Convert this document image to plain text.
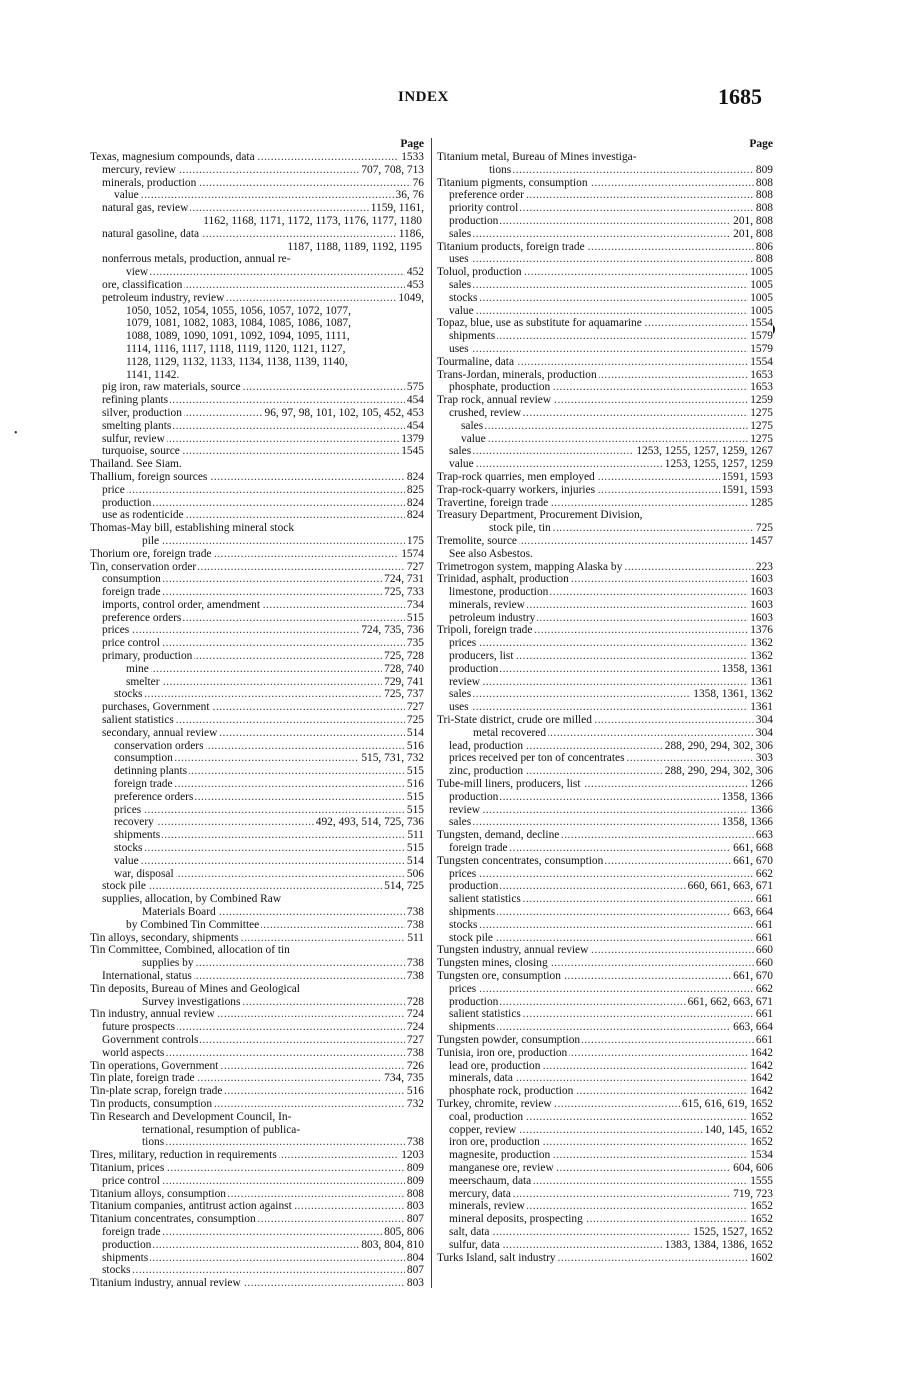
INDEX	1685
Page
..... Texas, magnesium compounds, data	1533
..... mercury, review	707, 708, 713
..... minerals, production	76
..... value	36, 76
..... natural gas, review	1159, 1161,
1162, 1168, 1171, 1172, 1173, 1176, 1177, 1180
..... natural gasoline, data	1186,
1187, 1188, 1189, 1192, 1195
nonferrous metals, production, annual re-
..... view	452
..... ore, classification	453
..... petroleum industry, review	1049,
1050, 1052, 1054, 1055, 1056, 1057, 1072, 1077,
1079, 1081, 1082, 1083, 1084, 1085, 1086, 1087,
1088, 1089, 1090, 1091, 1092, 1094, 1095, 1111,
1114, 1116, 1117, 1118, 1119, 1120, 1121, 1127,
1128, 1129, 1132, 1133, 1134, 1138, 1139, 1140,
1141, 1142.
..... pig iron, raw materials, source	575
..... refining plants	454
..... silver, production	96, 97, 98, 101, 102, 105, 452, 453
..... smelting plants	454
..... sulfur, review	1379
..... turquoise, source	1545
Thailand. See Siam.
..... Thallium, foreign sources	824
..... price	825
..... production	824
..... use as rodenticide	824
Thomas-May bill, establishing mineral stock
..... pile	175
..... Thorium ore, foreign trade	1574
..... Tin, conservation order	727
..... consumption	724, 731
..... foreign trade	725, 733
..... imports, control order, amendment	734
..... preference orders	515
..... prices	724, 735, 736
..... price control	735
..... primary, production	725, 728
..... mine	728, 740
..... smelter	729, 741
..... stocks	725, 737
..... purchases, Government	727
..... salient statistics	725
..... secondary, annual review	514
..... conservation orders	516
..... consumption	515, 731, 732
..... detinning plants	515
..... foreign trade	516
..... preference orders	515
..... prices	515
..... recovery	492, 493, 514, 725, 736
..... shipments	511
..... stocks	515
..... value	514
..... war, disposal	506
..... stock pile	514, 725
supplies, allocation, by Combined Raw
..... Materials Board	738
..... by Combined Tin Committee	738
..... Tin alloys, secondary, shipments	511
Tin Committee, Combined, allocation of tin
..... supplies by	738
..... International, status	738
Tin deposits, Bureau of Mines and Geological
..... Survey investigations	728
..... Tin industry, annual review	724
..... future prospects	724
..... Government controls	727
..... world aspects	738
..... Tin operations, Government	726
..... Tin plate, foreign trade	734, 735
..... Tin-plate scrap, foreign trade	516
..... Tin products, consumption	732
Tin Research and Development Council, In-
ternational, resumption of publica-
..... tions	738
..... Tires, military, reduction in requirements	1203
..... Titanium, prices	809
..... price control	809
..... Titanium alloys, consumption	808
..... Titanium companies, antitrust action against	803
..... Titanium concentrates, consumption	807
..... foreign trade	805, 806
..... production	803, 804, 810
..... shipments	804
..... stocks	807
..... Titanium industry, annual review	803
Page
Titanium metal, Bureau of Mines investiga-
..... tions	809
..... Titanium pigments, consumption	808
..... preference order	808
..... priority control	808
..... production	201, 808
..... sales	201, 808
..... Titanium products, foreign trade	806
..... uses	808
..... Toluol, production	1005
..... sales	1005
..... stocks	1005
..... value	1005
..... Topaz, blue, use as substitute for aquamarine	1554
..... shipments	1579
..... uses	1579
..... Tourmaline, data	1554
..... Trans-Jordan, minerals, production	1653
..... phosphate, production	1653
..... Trap rock, annual review	1259
..... crushed, review	1275
..... sales	1275
..... value	1275
..... sales	1253, 1255, 1257, 1259, 1267
..... value	1253, 1255, 1257, 1259
..... Trap-rock quarries, men employed	1591, 1593
..... Trap-rock-quarry workers, injuries	1591, 1593
..... Travertine, foreign trade	1285
Treasury Department, Procurement Division,
..... stock pile, tin	725
..... Tremolite, source	1457
See also Asbestos.
..... Trimetrogon system, mapping Alaska by	223
..... Trinidad, asphalt, production	1603
..... limestone, production	1603
..... minerals, review	1603
..... petroleum industry	1603
..... Tripoli, foreign trade	1376
..... prices	1362
..... producers, list	1362
..... production	1358, 1361
..... review	1361
..... sales	1358, 1361, 1362
..... uses	1361
..... Tri-State district, crude ore milled	304
..... metal recovered	304
..... lead, production	288, 290, 294, 302, 306
..... prices received per ton of concentrates	303
..... zinc, production	288, 290, 294, 302, 306
..... Tube-mill liners, producers, list	1266
..... production	1358, 1366
..... review	1366
..... sales	1358, 1366
..... Tungsten, demand, decline	663
..... foreign trade	661, 668
..... Tungsten concentrates, consumption	661, 670
..... prices	662
..... production	660, 661, 663, 671
..... salient statistics	661
..... shipments	663, 664
..... stocks	661
..... stock pile	661
..... Tungsten industry, annual review	660
..... Tungsten mines, closing	660
..... Tungsten ore, consumption	661, 670
..... prices	662
..... production	661, 662, 663, 671
..... salient statistics	661
..... shipments	663, 664
..... Tungsten powder, consumption	661
..... Tunisia, iron ore, production	1642
..... lead ore, production	1642
..... minerals, data	1642
..... phosphate rock, production	1642
..... Turkey, chromite, review	615, 616, 619, 1652
..... coal, production	1652
..... copper, review	140, 145, 1652
..... iron ore, production	1652
..... magnesite, production	1534
..... manganese ore, review	604, 606
..... meerschaum, data	1555
..... mercury, data	719, 723
..... minerals, review	1652
..... mineral deposits, prospecting	1652
..... salt, data	1525, 1527, 1652
..... sulfur, data	1383, 1384, 1386, 1652
..... Turks Island, salt industry	1602
•
